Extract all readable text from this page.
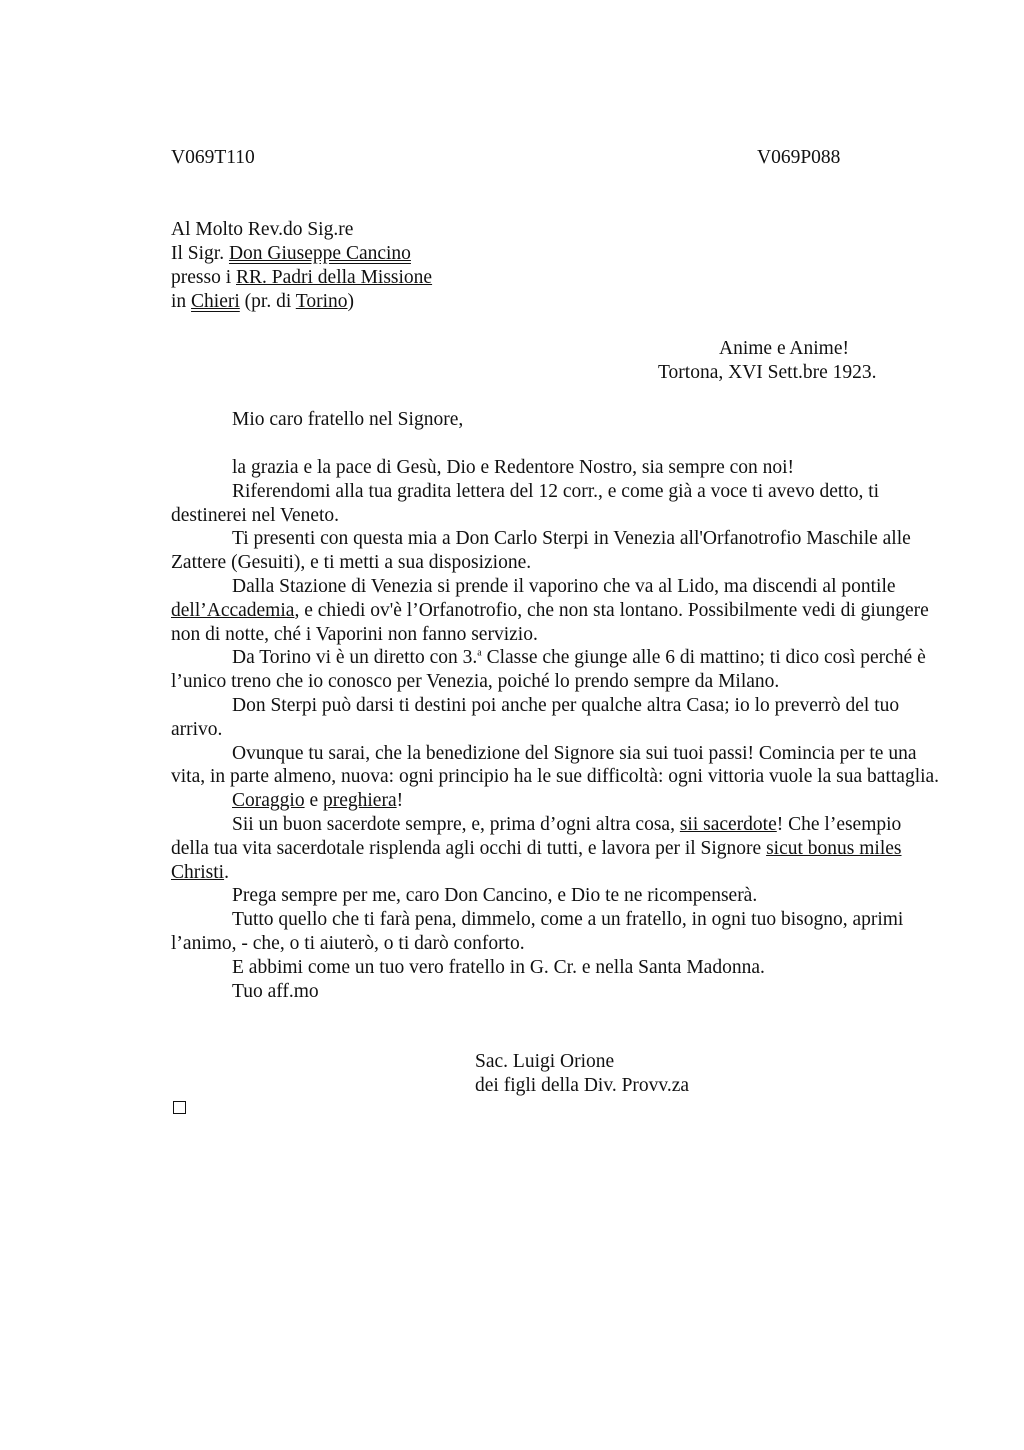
V069T110	V069P088
Al Molto Rev.do Sig.re
Il Sigr. Don Giuseppe Cancino
presso i RR. Padri della Missione
in Chieri (pr. di Torino)
Anime e Anime!
Tortona, XVI Sett.bre 1923.
Mio caro fratello nel Signore,
la grazia e la pace di Gesù, Dio e Redentore Nostro, sia sempre con noi!
Riferendomi alla tua gradita lettera del 12 corr., e come già a voce ti avevo detto, ti destinerei nel Veneto.
Ti presenti con questa mia a Don Carlo Sterpi in Venezia all'Orfanotrofio Maschile alle Zattere (Gesuiti), e ti metti a sua disposizione.
Dalla Stazione di Venezia si prende il vaporino che va al Lido, ma discendi al pontile dell’Accademia, e chiedi ov'è l’Orfanotrofio, che non sta lontano. Possibilmente vedi di giungere non di notte, ché i Vaporini non fanno servizio.
Da Torino vi è un diretto con 3.$^a$ Classe che giunge alle 6 di mattino; ti dico così perché è l’unico treno che io conosco per Venezia, poiché lo prendo sempre da Milano.
Don Sterpi può darsi ti destini poi anche per qualche altra Casa; io lo preverrò del tuo arrivo.
Ovunque tu sarai, che la benedizione del Signore sia sui tuoi passi! Comincia per te una vita, in parte almeno, nuova: ogni principio ha le sue difficoltà: ogni vittoria vuole la sua battaglia.
Coraggio e preghiera!
Sii un buon sacerdote sempre, e, prima d’ogni altra cosa, sii sacerdote! Che l’esempio della tua vita sacerdotale risplenda agli occhi di tutti, e lavora per il Signore sicut bonus miles Christi.
Prega sempre per me, caro Don Cancino, e Dio te ne ricompenserà.
Tutto quello che ti farà pena, dimmelo, come a un fratello, in ogni tuo bisogno, aprimi l’animo, - che, o ti aiuterò, o ti darò conforto.
E abbimi come un tuo vero fratello in G. Cr. e nella Santa Madonna.
Tuo aff.mo
Sac. Luigi Orione
dei figli della Div. Provv.za
